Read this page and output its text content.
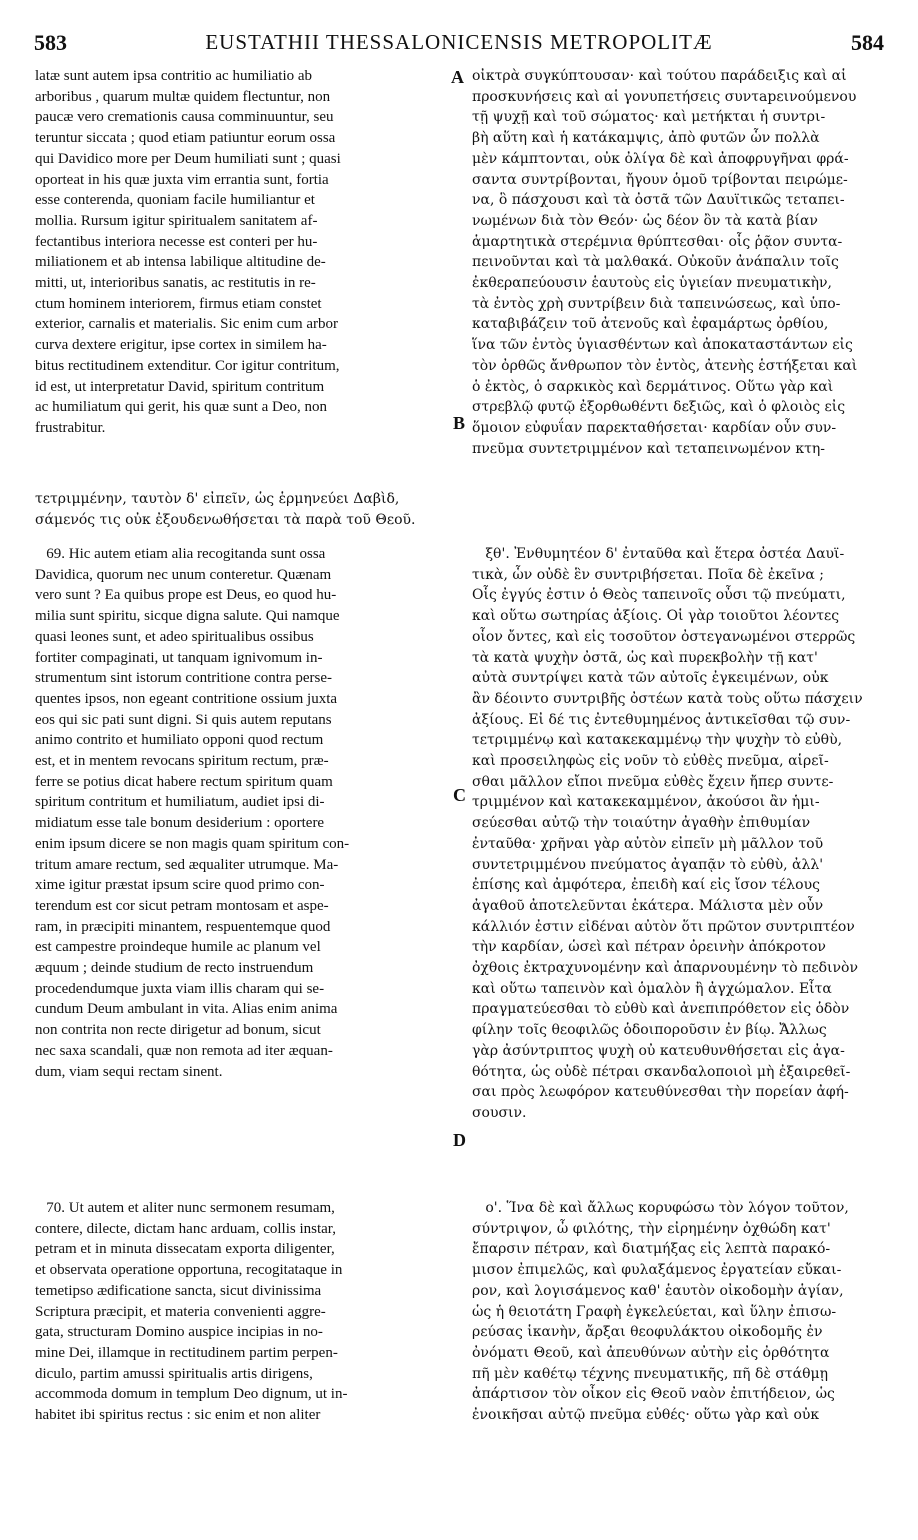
583	EUSTATHII THESSALONICENSIS METROPOLITÆ	584
A
B
C
D
latæ sunt autem ipsa contritio ac humiliatio ab
arboribus , quarum multæ quidem flectuntur, non
paucæ vero cremationis causa comminuuntur, seu
teruntur siccata ; quod etiam patiuntur eorum ossa
qui Davidico more per Deum humiliati sunt ; quasi
oporteat in his quæ juxta vim errantia sunt, fortia
esse conterenda, quoniam facile humiliantur et
mollia. Rursum igitur spiritualem sanitatem af-
fectantibus interiora necesse est conteri per hu-
miliationem et ab intensa labilique altitudine de-
mitti, ut, interioribus sanatis, ac restitutis in re-
ctum hominem interiorem, firmus etiam constet
exterior, carnalis et materialis. Sic enim cum arbor
curva dextere erigitur, ipse cortex in similem ha-
bitus rectitudinem extenditur. Cor igitur contritum,
id est, ut interpretatur David, spiritum contritum
ac humiliatum qui gerit, his quæ sunt a Deo, non
frustrabitur.
τετριμμένην, ταυτὸν δ' εἰπεῖν, ὡς ἑρμηνεύει Δαβὶδ,
σάμενός τις οὐκ ἐξουδενωθήσεται τὰ παρὰ τοῦ Θεοῦ.
69. Hic autem etiam alia recogitanda sunt ossa
Davidica, quorum nec unum conteretur. Quænam
vero sunt ? Ea quibus prope est Deus, eo quod hu-
milia sunt spiritu, sicque digna salute. Qui namque
quasi leones sunt, et adeo spiritualibus ossibus
fortiter compaginati, ut tanquam ignivomum in-
strumentum sint istorum contritione contra perse-
quentes ipsos, non egeant contritione ossium juxta
eos qui sic pati sunt digni. Si quis autem reputans
animo contrito et humiliato opponi quod rectum
est, et in mentem revocans spiritum rectum, præ-
ferre se potius dicat habere rectum spiritum quam
spiritum contritum et humiliatum, audiet ipsi di-
midiatum esse tale bonum desiderium : oportere
enim ipsum dicere se non magis quam spiritum con-
tritum amare rectum, sed æqualiter utrumque. Ma-
xime igitur præstat ipsum scire quod primo con-
terendum est cor sicut petram montosam et aspe-
ram, in præcipiti minantem, respuentemque quod
est campestre proindeque humile ac planum vel
æquum ; deinde studium de recto instruendum
procedendumque juxta viam illis charam qui se-
cundum Deum ambulant in vita. Alias enim anima
non contrita non recte dirigetur ad bonum, sicut
nec saxa scandali, quæ non remota ad iter æquan-
dum, viam sequi rectam sinent.
70. Ut autem et aliter nunc sermonem resumam,
contere, dilecte, dictam hanc arduam, collis instar,
petram et in minuta dissecatam exporta diligenter,
et observata operatione opportuna, recogitataque in
temetipso ædificatione sancta, sicut divinissima
Scriptura præcipit, et materia convenienti aggre-
gata, structuram Domino auspice incipias in no-
mine Dei, illamque in rectitudinem partim perpen-
diculo, partim amussi spiritualis artis dirigens,
accommoda domum in templum Deo dignum, ut in-
habitet ibi spiritus rectus : sic enim et non aliter
οἰκτρὰ συγκύπτουσαν· καὶ τούτου παράδειξις καὶ αἱ
προσκυνήσεις καὶ αἱ γονυπετήσεις συντapεινούμενου
τῇ ψυχῇ καὶ τοῦ σώματος· καὶ μετήκται ἡ συντρι-
βὴ αὕτη καὶ ἡ κατάκαμψις, ἀπὸ φυτῶν ὧν πολλὰ
μὲν κάμπτονται, οὐκ ὀλίγα δὲ καὶ ἀποφρυγῆναι φρά-
σαντα συντρίβονται, ἤγουν ὁμοῦ τρίβονται πειρώμε-
να, ὃ πάσχουσι καὶ τὰ ὀστᾶ τῶν Δαυϊτικῶς τεταπει-
νωμένων διὰ τὸν Θεόν· ὡς δέον ὂν τὰ κατὰ βίαν
ἁμαρτητικὰ στερέμνια θρύπτεσθαι· οἷς ῥᾷον συντα-
πεινοῦνται καὶ τὰ μαλθακά. Οὐκοῦν ἀνάπαλιν τοῖς
ἐκθεραπεύουσιν ἑαυτοὺς εἰς ὑγιείαν πνευματικὴν,
τὰ ἐντὸς χρὴ συντρίβειν διὰ ταπεινώσεως, καὶ ὑπο-
καταβιβάζειν τοῦ ἀτενοῦς καὶ ἐφαμάρτως ὀρθίου,
ἵνα τῶν ἐντὸς ὑγιασθέντων καὶ ἀποκαταστάντων εἰς
τὸν ὀρθῶς ἄνθρωπον τὸν ἐντὸς, ἀτενὴς ἑστήξεται καὶ
ὁ ἐκτὸς, ὁ σαρκικὸς καὶ δερμάτινος. Οὕτω γὰρ καὶ
στρεβλῷ φυτῷ ἐξορθωθέντι δεξιῶς, καὶ ὁ φλοιὸς εἰς
ὅμοιον εὐφυΐαν παρεκταθήσεται· καρδίαν οὖν συν-
πνεῦμα συντετριμμένον καὶ τεταπεινωμένον κτη-
ξθ'. Ἐνθυμητέον δ' ἐνταῦθα καὶ ἕτερα ὀστέα Δαυϊ-
τικὰ, ὧν οὐδὲ ἓν συντριβήσεται. Ποῖα δὲ ἐκεῖνα ;
Οἷς ἐγγύς ἐστιν ὁ Θεὸς ταπεινοῖς οὖσι τῷ πνεύματι,
καὶ οὕτω σωτηρίας ἀξίοις. Οἱ γὰρ τοιοῦτοι λέοντες
οἷον ὄντες, καὶ εἰς τοσοῦτον ὀστεγανωμένοι στερρῶς
τὰ κατὰ ψυχὴν ὀστᾶ, ὡς καὶ πυρεκβολὴν τῇ κατ'
αὐτὰ συντρίψει κατὰ τῶν αὐτοῖς ἐγκειμένων, οὐκ
ἂν δέοιντο συντριβῆς ὀστέων κατὰ τοὺς οὕτω πάσχειν
ἀξίους. Εἰ δέ τις ἐντεθυμημένος ἀντικεῖσθαι τῷ συν-
τετριμμένῳ καὶ κατακεκαμμένῳ τὴν ψυχὴν τὸ εὐθὺ,
καὶ προσειληφὼς εἰς νοῦν τὸ εὐθὲς πνεῦμα, αἱρεῖ-
σθαι μᾶλλον εἴποι πνεῦμα εὐθὲς ἔχειν ἤπερ συντε-
τριμμένον καὶ κατακεκαμμένον, ἀκούσοι ἂν ἡμι-
σεύεσθαι αὐτῷ τὴν τοιαύτην ἀγαθὴν ἐπιθυμίαν
ἐνταῦθα· χρῆναι γὰρ αὐτὸν εἰπεῖν μὴ μᾶλλον τοῦ
συντετριμμένου πνεύματος ἀγαπᾷν τὸ εὐθὺ, ἀλλ'
ἐπίσης καὶ ἀμφότερα, ἐπειδὴ καί εἰς ἴσον τέλους
ἀγαθοῦ ἀποτελεῦνται ἑκάτερα. Μάλιστα μὲν οὖν
κάλλιόν ἐστιν εἰδέναι αὐτὸν ὅτι πρῶτον συντριπτέον
τὴν καρδίαν, ὡσεὶ καὶ πέτραν ὀρεινὴν ἀπόκροτον
ὀχθοις ἐκτραχυνομένην καὶ ἀπαρνουμένην τὸ πεδινὸν
καὶ οὕτω ταπεινὸν καὶ ὁμαλὸν ἢ ἀγχώμαλον. Εἶτα
πραγματεύεσθαι τὸ εὐθὺ καὶ ἀνεπιπρόθετον εἰς ὁδὸν
φίλην τοῖς θεοφιλῶς ὁδοιποροῦσιν ἐν βίῳ. Ἄλλως
γὰρ ἀσύντριπτος ψυχὴ οὐ κατευθυνθήσεται εἰς ἀγα-
θότητα, ὡς οὐδὲ πέτραι σκανδαλοποιοὶ μὴ ἐξαιρεθεῖ-
σαι πρὸς λεωφόρον κατευθύνεσθαι τὴν πορείαν ἀφή-
σουσιν.
ο'. Ἵνα δὲ καὶ ἄλλως κορυφώσω τὸν λόγον τοῦτον,
σύντριψον, ὦ φιλότης, τὴν εἰρημένην ὀχθώδη κατ'
ἔπαρσιν πέτραν, καὶ διατμήξας εἰς λεπτὰ παρακό-
μισον ἐπιμελῶς, καὶ φυλαξάμενος ἐργατείαν εὔκαι-
ρον, καὶ λογισάμενος καθ' ἑαυτὸν οἰκοδομὴν ἁγίαν,
ὡς ἡ θειοτάτη Γραφὴ ἐγκελεύεται, καὶ ὕλην ἐπισω-
ρεύσας ἱκανὴν, ἄρξαι θεοφυλάκτου οἰκοδομῆς ἐν
ὀνόματι Θεοῦ, καὶ ἀπευθύνων αὐτὴν εἰς ὀρθότητα
πῆ μὲν καθέτῳ τέχνης πνευματικῆς, πῆ δὲ στάθμῃ
ἀπάρτισον τὸν οἶκον εἰς Θεοῦ ναὸν ἐπιτήδειον, ὡς
ἐνοικῆσαι αὐτῷ πνεῦμα εὐθές· οὕτω γὰρ καὶ οὐκ
